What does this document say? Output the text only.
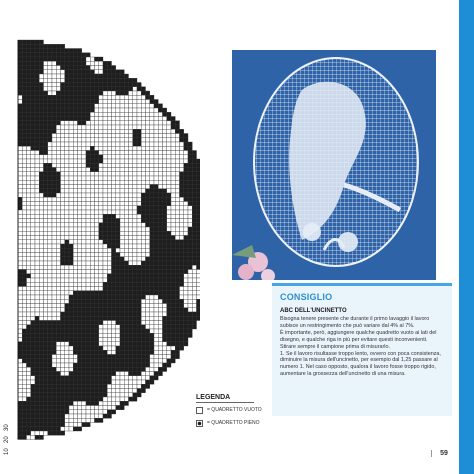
10
20
30
CONSIGLIO
ABC DELL'UNCINETTO
Bisogna tenere presente che durante il primo lavaggio il lavoro
subisce un restringimento che può variare dal 4% al 7%.
È importante, però, aggiungere qualche quadretto vuoto ai lati del
disegno, e qualche riga in più per evitare questi inconvenienti.
Stirare sempre il campione prima di misurarlo.
1. Se il lavoro risultasse troppo lento, ovvero con poca consistenza,
diminuire la misura dell'uncinetto, per esempio dal 1,25 passare al
numero 1. Nel caso opposto, qualora il lavoro fosse troppo rigido,
aumentare la grossezza dell'uncinetto di una misura.
LEGENDA
= QUADRETTO VUOTO
= QUADRETTO PIENO
59
